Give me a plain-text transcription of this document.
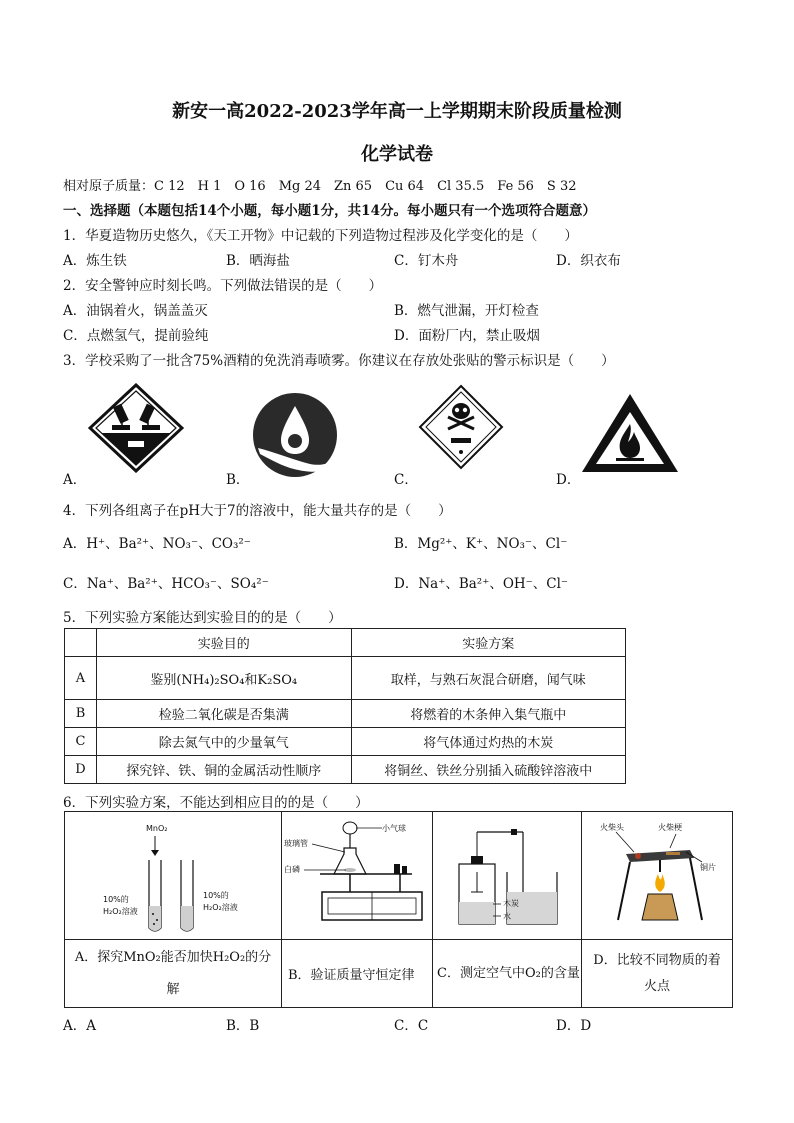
新安一高2022-2023学年高一上学期期末阶段质量检测
化学试卷
相对原子质量：C 12　H 1　O 16　Mg 24　Zn 65　Cu 64　Cl 35.5　Fe 56　S 32
一、选择题（本题包括14个小题，每小题1分，共14分。每小题只有一个选项符合题意）
1．华夏造物历史悠久，《天工开物》中记载的下列造物过程涉及化学变化的是（　　）
A．炼生铁	B．晒海盐	C．钉木舟	D．织衣布
2．安全警钟应时刻长鸣。下列做法错误的是（　　）
A．油锅着火，锅盖盖灭	B．燃气泄漏，开灯检查
C．点燃氢气，提前验纯	D．面粉厂内，禁止吸烟
3．学校采购了一批含75%酒精的免洗消毒喷雾。你建议在存放处张贴的警示标识是（　　）
A．	B．	C．	D．
4．下列各组离子在pH大于7的溶液中，能大量共存的是（　　）
A．H⁺、Ba²⁺、NO₃⁻、CO₃²⁻	B．Mg²⁺、K⁺、NO₃⁻、Cl⁻
C．Na⁺、Ba²⁺、HCO₃⁻、SO₄²⁻	D．Na⁺、Ba²⁺、OH⁻、Cl⁻
5．下列实验方案能达到实验目的的是（　　）
	实验目的	实验方案
A	鉴别(NH₄)₂SO₄和K₂SO₄	取样，与熟石灰混合研磨，闻气味
B	检验二氧化碳是否集满	将燃着的木条伸入集气瓶中
C	除去氮气中的少量氧气	将气体通过灼热的木炭
D	探究锌、铁、铜的金属活动性顺序	将铜丝、铁丝分别插入硫酸锌溶液中
6．下列实验方案，不能达到相应目的的是（　　）
MnO₂
10%的
H₂O₂溶液
10%的
H₂O₂溶液	小气球
玻璃管
白磷	木炭
水	火柴头 火柴梗
铜片

A．探究MnO₂能否加快H₂O₂的分解	B．验证质量守恒定律	C．测定空气中O₂的含量	D．比较不同物质的着火点
A．A	B．B	C．C	D．D
